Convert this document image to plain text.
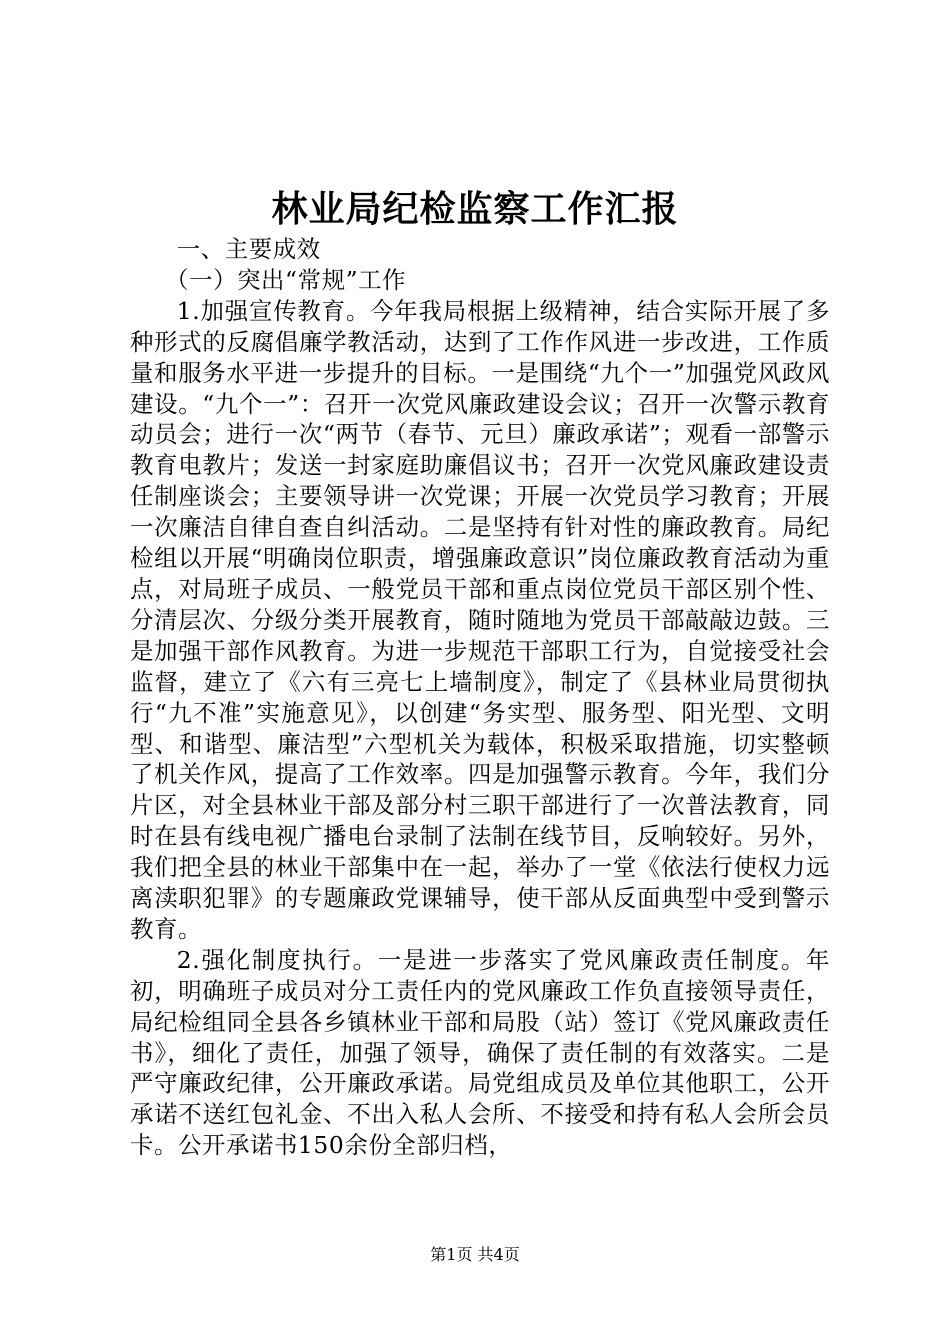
林业局纪检监察工作汇报

一、主要成效

（一）突出“常规”工作

1.加强宣传教育。今年我局根据上级精神，结合实际开展了多种形式的反腐倡廉学教活动，达到了工作作风进一步改进，工作质量和服务水平进一步提升的目标。一是围绕“九个一”加强党风政风建设。“九个一”：召开一次党风廉政建设会议；召开一次警示教育动员会；进行一次“两节（春节、元旦）廉政承诺”；观看一部警示教育电教片；发送一封家庭助廉倡议书；召开一次党风廉政建设责任制座谈会；主要领导讲一次党课；开展一次党员学习教育；开展一次廉洁自律自查自纠活动。二是坚持有针对性的廉政教育。局纪检组以开展“明确岗位职责，增强廉政意识”岗位廉政教育活动为重点，对局班子成员、一般党员干部和重点岗位党员干部区别个性、分清层次、分级分类开展教育，随时随地为党员干部敲敲边鼓。三是加强干部作风教育。为进一步规范干部职工行为，自觉接受社会监督，建立了《六有三亮七上墙制度》，制定了《县林业局贯彻执行“九不准”实施意见》，以创建“务实型、服务型、阳光型、文明型、和谐型、廉洁型”六型机关为载体，积极采取措施，切实整顿了机关作风，提高了工作效率。四是加强警示教育。今年，我们分片区，对全县林业干部及部分村三职干部进行了一次普法教育，同时在县有线电视广播电台录制了法制在线节目，反响较好。另外，我们把全县的林业干部集中在一起，举办了一堂《依法行使权力远离渎职犯罪》的专题廉政党课辅导，使干部从反面典型中受到警示教育。

2.强化制度执行。一是进一步落实了党风廉政责任制度。年初，明确班子成员对分工责任内的党风廉政工作负直接领导责任，局纪检组同全县各乡镇林业干部和局股（站）签订《党风廉政责任书》，细化了责任，加强了领导，确保了责任制的有效落实。二是严守廉政纪律，公开廉政承诺。局党组成员及单位其他职工，公开承诺不送红包礼金、不出入私人会所、不接受和持有私人会所会员卡。公开承诺书150余份全部归档，

第1页 共4页
